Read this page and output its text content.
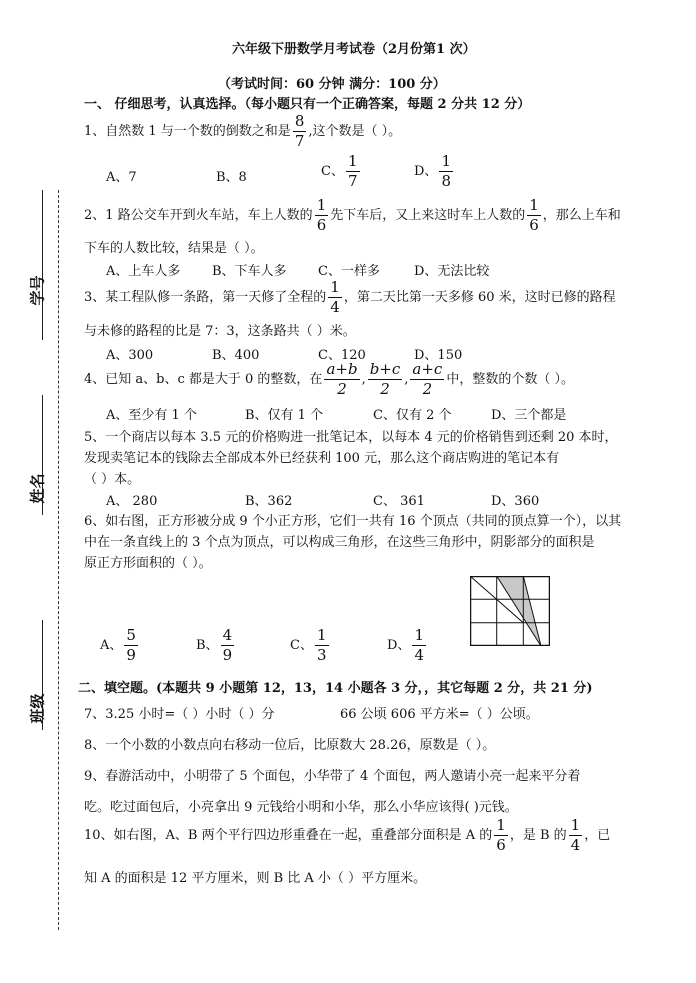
学号
姓名
班级
六年级下册数学月考试卷（2月份第1 次）
（考试时间：60 分钟 满分：100 分）
一、 仔细思考，认真选择。（每小题只有一个正确答案，每题 2 分共 12 分）
1、自然数 1 与一个数的倒数之和是 $\frac{8}{7}$ ,这个数是（ ）。
A、7	B、8	C、 $\frac{1}{7}$	D、 $\frac{1}{8}$
2、1 路公交车开到火车站，车上人数的 $\frac{1}{6}$ 先下车后，又上来这时车上人数的 $\frac{1}{6}$ ，那么上车和
下车的人数比较，结果是（ ）。
A、上车人多 B、下车人多 C、一样多	D、无法比较
3、某工程队修一条路，第一天修了全程的 $\frac{1}{4}$ ，第二天比第一天多修 60 米，这时已修的路程
与未修的路程的比是 7：3，这条路共（ ）米。
A、300	B、400	C、120	D、150
4、已知 a、b、c 都是大于 0 的整数，在 $\frac{a+b}{2}$ , $\frac{b+c}{2}$ , $\frac{a+c}{2}$ 中，整数的个数（ ）。
A、至少有 1 个	B、仅有 1 个	C、仅有 2 个	D、三个都是
5、一个商店以每本 3.5 元的价格购进一批笔记本，以每本 4 元的价格销售到还剩 20 本时，
发现卖笔记本的钱除去全部成本外已经获利 100 元，那么这个商店购进的笔记本有
（ ）本。
A、 280	B、362	C、 361	D、360
6、如右图，正方形被分成 9 个小正方形，它们一共有 16 个顶点（共同的顶点算一个），以其
中在一条直线上的 3 个点为顶点，可以构成三角形，在这些三角形中，阴影部分的面积是
原正方形面积的（ ）。
A、 $\frac{5}{9}$	B、 $\frac{4}{9}$	C、 $\frac{1}{3}$	D、 $\frac{1}{4}$
二、填空题。(本题共 9 小题第 12，13，14 小题各 3 分，，其它每题 2 分，共 21 分)
7、3.25 小时=（ ）小时（ ）分	66 公顷 606 平方米=（ ）公顷。
8、一个小数的小数点向右移动一位后，比原数大 28.26，原数是（ ）。
9、春游活动中，小明带了 5 个面包，小华带了 4 个面包，两人邀请小亮一起来平分着
吃。吃过面包后，小亮拿出 9 元钱给小明和小华，那么小华应该得( )元钱。
10、如右图，A、B 两个平行四边形重叠在一起，重叠部分面积是 A 的 $\frac{1}{6}$ ，是 B 的 $\frac{1}{4}$ ，已
知 A 的面积是 12 平方厘米，则 B 比 A 小（ ）平方厘米。
